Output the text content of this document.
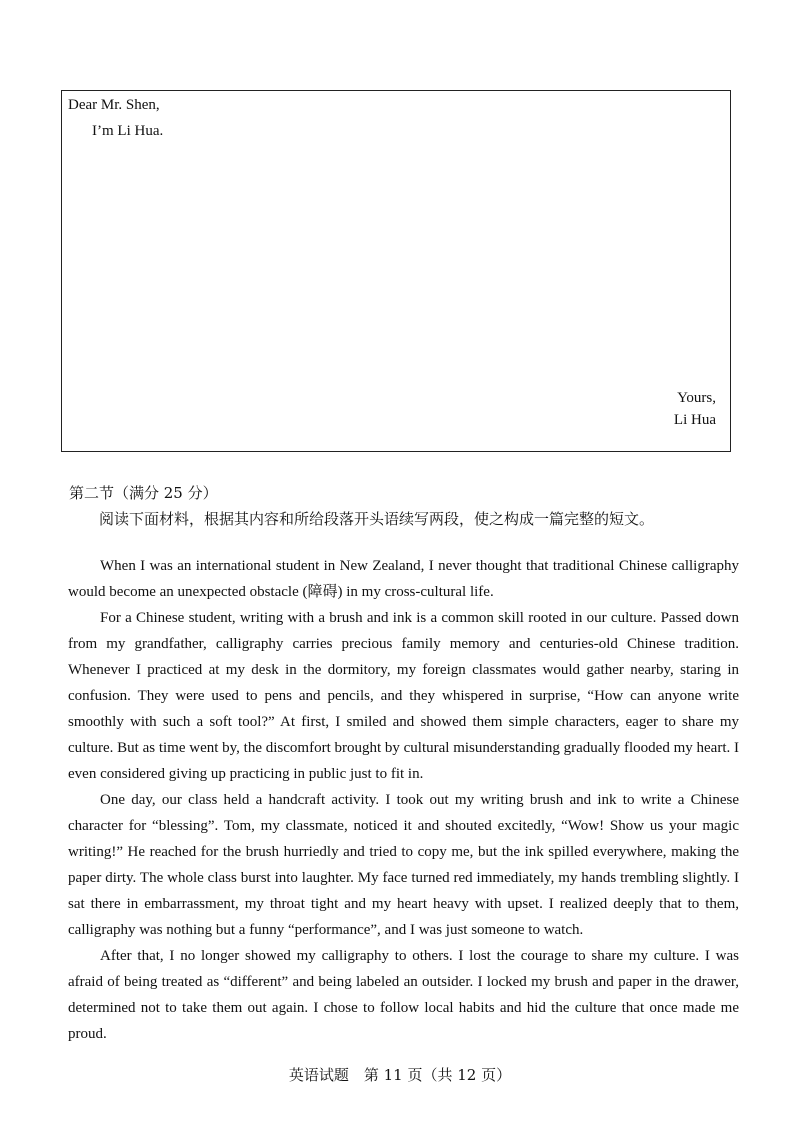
Dear Mr. Shen,
I’m Li Hua.
Yours,
Li Hua
第二节（满分 25 分）
阅读下面材料，根据其内容和所给段落开头语续写两段，使之构成一篇完整的短文。

When I was an international student in New Zealand, I never thought that traditional Chinese calligraphy would become an unexpected obstacle (障碍) in my cross-cultural life.

For a Chinese student, writing with a brush and ink is a common skill rooted in our culture. Passed down from my grandfather, calligraphy carries precious family memory and centuries-old Chinese tradition. Whenever I practiced at my desk in the dormitory, my foreign classmates would gather nearby, staring in confusion. They were used to pens and pencils, and they whispered in surprise, “How can anyone write smoothly with such a soft tool?” At first, I smiled and showed them simple characters, eager to share my culture. But as time went by, the discomfort brought by cultural misunderstanding gradually flooded my heart. I even considered giving up practicing in public just to fit in.

One day, our class held a handcraft activity. I took out my writing brush and ink to write a Chinese character for “blessing”. Tom, my classmate, noticed it and shouted excitedly, “Wow! Show us your magic writing!” He reached for the brush hurriedly and tried to copy me, but the ink spilled everywhere, making the paper dirty. The whole class burst into laughter. My face turned red immediately, my hands trembling slightly. I sat there in embarrassment, my throat tight and my heart heavy with upset. I realized deeply that to them, calligraphy was nothing but a funny “performance”, and I was just someone to watch.

After that, I no longer showed my calligraphy to others. I lost the courage to share my culture. I was afraid of being treated as “different” and being labeled an outsider. I locked my brush and paper in the drawer, determined not to take them out again. I chose to follow local habits and hid the culture that once made me proud.

英语试题　第 11 页（共 12 页）
